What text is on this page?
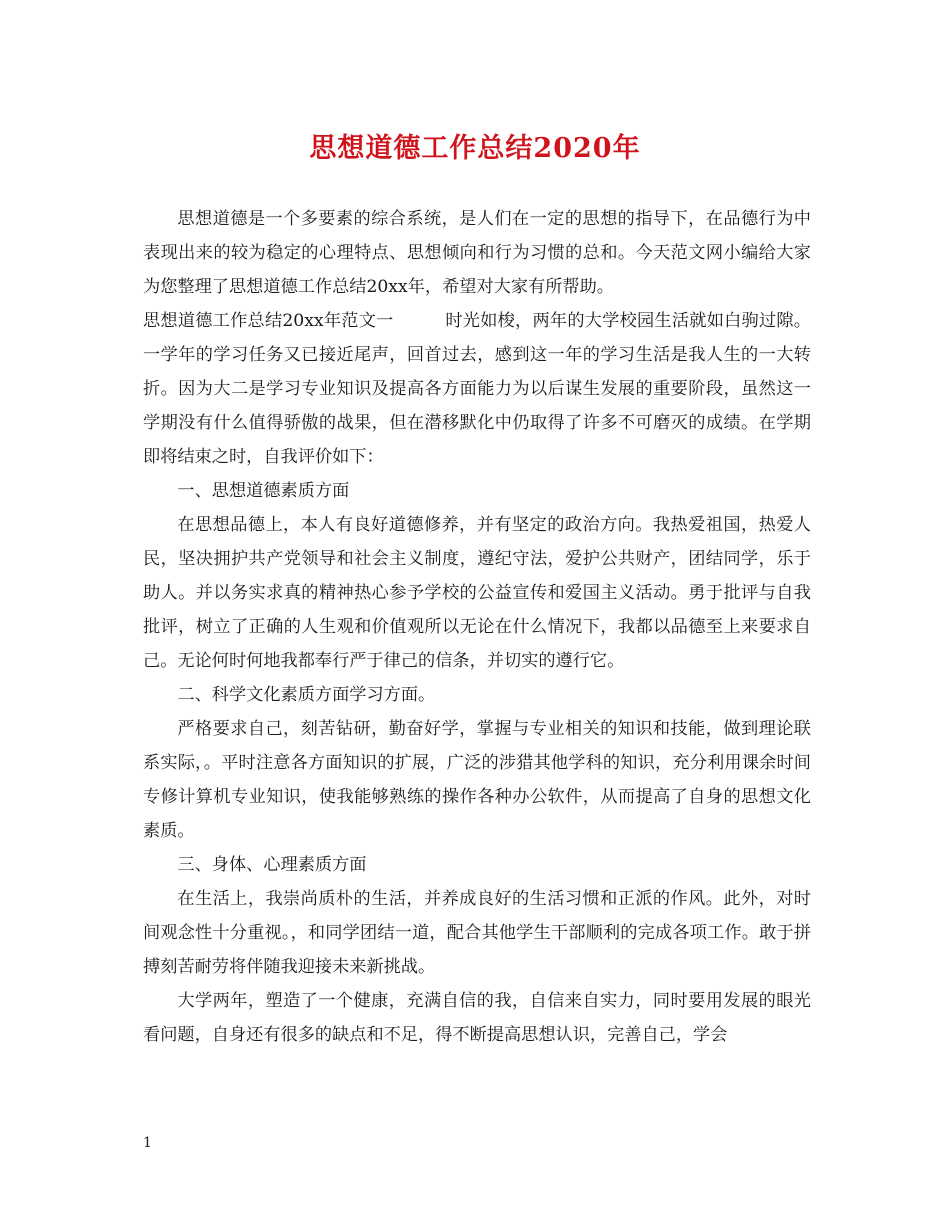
思想道德工作总结2020年

思想道德是一个多要素的综合系统，是人们在一定的思想的指导下，在品德行为中表现出来的较为稳定的心理特点、思想倾向和行为习惯的总和。今天范文网小编给大家为您整理了思想道德工作总结20xx年，希望对大家有所帮助。

思想道德工作总结20xx年范文一	时光如梭，两年的大学校园生活就如白驹过隙。一学年的学习任务又已接近尾声，回首过去，感到这一年的学习生活是我人生的一大转折。因为大二是学习专业知识及提高各方面能力为以后谋生发展的重要阶段，虽然这一学期没有什么值得骄傲的战果，但在潜移默化中仍取得了许多不可磨灭的成绩。在学期即将结束之时，自我评价如下：

一、思想道德素质方面

在思想品德上，本人有良好道德修养，并有坚定的政治方向。我热爱祖国，热爱人民，坚决拥护共产党领导和社会主义制度，遵纪守法，爱护公共财产，团结同学，乐于助人。并以务实求真的精神热心参予学校的公益宣传和爱国主义活动。勇于批评与自我批评，树立了正确的人生观和价值观所以无论在什么情况下，我都以品德至上来要求自己。无论何时何地我都奉行严于律己的信条，并切实的遵行它。

二、科学文化素质方面学习方面。

严格要求自己，刻苦钻研，勤奋好学，掌握与专业相关的知识和技能，做到理论联系实际，。平时注意各方面知识的扩展，广泛的涉猎其他学科的知识，充分利用课余时间专修计算机专业知识，使我能够熟练的操作各种办公软件，从而提高了自身的思想文化素质。

三、身体、心理素质方面

在生活上，我崇尚质朴的生活，并养成良好的生活习惯和正派的作风。此外，对时间观念性十分重视。，和同学团结一道，配合其他学生干部顺利的完成各项工作。敢于拼搏刻苦耐劳将伴随我迎接未来新挑战。

大学两年，塑造了一个健康，充满自信的我，自信来自实力，同时要用发展的眼光看问题，自身还有很多的缺点和不足，得不断提高思想认识，完善自己，学会

1
